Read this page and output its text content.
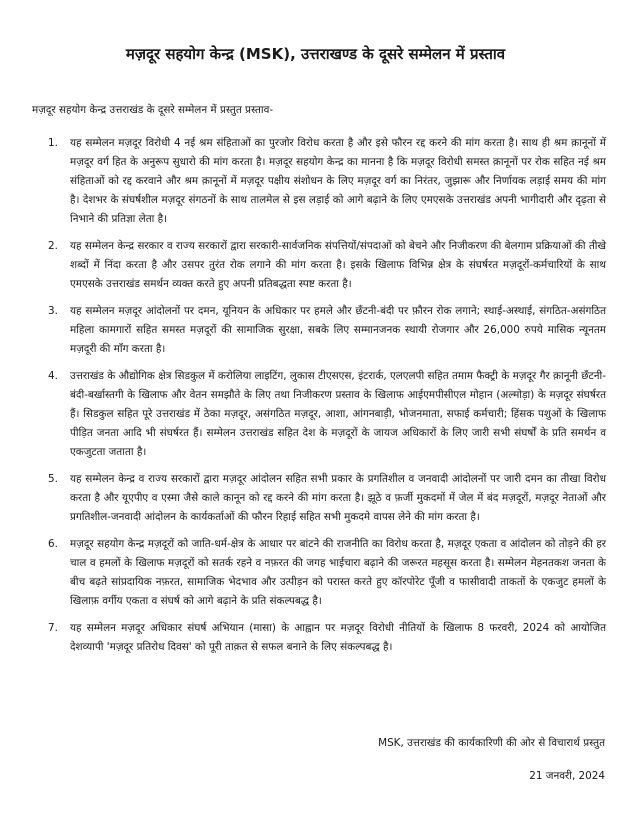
मज़दूर सहयोग केन्द्र (MSK), उत्तराखण्ड के दूसरे सम्मेलन में प्रस्ताव
मज़दूर सहयोग केन्द्र उत्तराखंड के दूसरे सम्मेलन में प्रस्तुत प्रस्ताव-
1.	यह सम्मेलन मज़दूर विरोधी 4 नई श्रम संहिताओं का पुरजोर विरोध करता है और इसे फौरन रद्द करने की मांग करता है। साथ ही श्रम क़ानूनों में मज़दूर वर्ग हित के अनुरूप सुधारो की मांग करता है। मज़दूर सहयोग केन्द्र का मानना है कि मज़दूर विरोधी समस्त क़ानूनों पर रोक सहित नई श्रम संहिताओं को रद्द करवाने और श्रम क़ानूनों में मज़दूर पक्षीय संशोधन के लिए मज़दूर वर्ग का निरंतर, जुझारू और निर्णायक लड़ाई समय की मांग है। देशभर के संघर्षशील मज़दूर संगठनों के साथ तालमेल से इस लड़ाई को आगे बढ़ाने के लिए एमएसके उत्तराखंड अपनी भागीदारी और दृढ़ता से निभाने की प्रतिज्ञा लेता है।
2.	यह सम्मेलन केन्द्र सरकार व राज्य सरकारों द्वारा सरकारी-सार्वजनिक संपत्तियों/संपदाओं को बेचने और निजीकरण की बेलगाम प्रक्रियाओं की तीखे शब्दों में निंदा करता है और उसपर तुरंत रोक लगाने की मांग करता है। इसके खिलाफ विभिन्न क्षेत्र के संघर्षरत मज़दूरों-कर्मचारियों के साथ एमएसके उत्तराखंड समर्थन व्यक्त करते हुए अपनी प्रतिबद्धता स्पष्ट करता है।
3.	यह सम्मेलन मज़दूर आंदोलनों पर दमन, यूनियन के अधिकार पर हमले और छँटनी-बंदी पर फ़ौरन रोक लगाने; स्थाई-अस्थाई, संगठित-असंगठित महिला कामगारों सहित समस्त मज़दूरों की सामाजिक सुरक्षा, सबके लिए सम्मानजनक स्थायी रोजगार और 26,000 रुपये मासिक न्यूनतम मज़दूरी की माँग करता है।
4.	उत्तराखंड के औद्योगिक क्षेत्र सिडकुल में करोलिया लाइटिंग, लुकास टीएसएस, इंटरार्क, एलएलपी सहित तमाम फैक्ट्री के मज़दूर गैर क़ानूनी छँटनी-बंदी-बर्खास्तगी के खिलाफ और वेतन समझौते के लिए तथा निजीकरण प्रस्ताव के खिलाफ आईएमपीसीएल मोहान (अल्मोड़ा) के मज़दूर संघर्षरत हैं। सिडकुल सहित पूरे उत्तराखंड में ठेका मज़दूर, असंगठित मज़दूर, आशा, आंगनबाड़ी, भोजनमाता, सफाई कर्मचारी; हिंसक पशुओं के खिलाफ पीड़ित जनता आदि भी संघर्षरत हैं। सम्मेलन उत्तराखंड सहित देश के मज़दूरों के जायज अधिकारों के लिए जारी सभी संघर्षों के प्रति समर्थन व एकजुटता जताता है।
5.	यह सम्मेलन केन्द्र व राज्य सरकारों द्वारा मज़दूर आंदोलन सहित सभी प्रकार के प्रगतिशील व जनवादी आंदोलनों पर जारी दमन का तीखा विरोध करता है और यूएपीए व एस्मा जैसे काले कानून को रद्द करने की मांग करता है। झूठे व फ़र्जी मुकदमों में जेल में बंद मज़दूरों, मज़दूर नेताओं और प्रगतिशील-जनवादी आंदोलन के कार्यकर्ताओं की फौरन रिहाई सहित सभी मुकदमे वापस लेने की मांग करता है।
6.	मज़दूर सहयोग केन्द्र मज़दूरों को जाति-धर्म-क्षेत्र के आधार पर बांटने की राजनीति का विरोध करता है, मज़दूर एकता व आंदोलन को तोड़ने की हर चाल व हमलों के खिलाफ मज़दूरों को सतर्क रहने व नफ़रत की जगह भाईचारा बढ़ाने की जरूरत महसूस करता है। सम्मेलन मेहनतकश जनता के बीच बढ़ते सांप्रदायिक नफ़रत, सामाजिक भेदभाव और उत्पीड़न को परास्त करते हुए कॉरपोरेट पूँजी व फासीवादी ताकतों के एकजुट हमलों के खिलाफ़ वर्गीय एकता व संघर्ष को आगे बढ़ाने के प्रति संकल्पबद्ध है।
7.	यह सम्मेलन मज़दूर अधिकार संघर्ष अभियान (मासा) के आह्वान पर मज़दूर विरोधी नीतियों के खिलाफ 8 फरवरी, 2024 को आयोजित देशव्यापी 'मज़दूर प्रतिरोध दिवस' को पूरी ताक़त से सफल बनाने के लिए संकल्पबद्ध है।
MSK, उत्तराखंड की कार्यकारिणी की ओर से विचारार्थ प्रस्तुत
21 जनवरी, 2024
